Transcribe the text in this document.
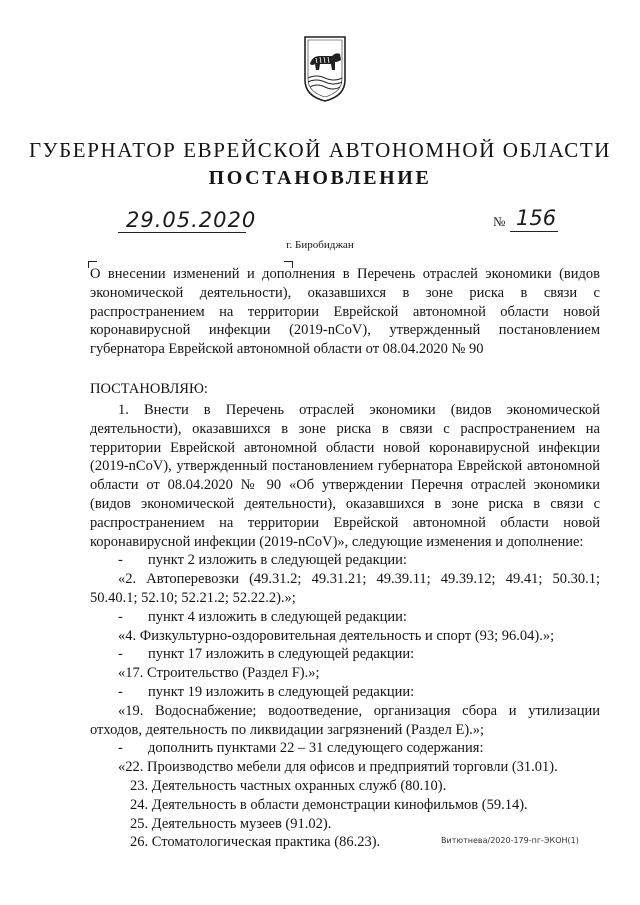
ГУБЕРНАТОР ЕВРЕЙСКОЙ АВТОНОМНОЙ ОБЛАСТИ
ПОСТАНОВЛЕНИЕ
29.05.2020	№ 156
г. Биробиджан
О внесении изменений и дополнения в Перечень отраслей экономики (видов экономической деятельности), оказавшихся в зоне риска в связи с распространением на территории Еврейской автономной области новой коронавирусной инфекции (2019-nCoV), утвержденный постановлением губернатора Еврейской автономной области от 08.04.2020 № 90
ПОСТАНОВЛЯЮ:

1. Внести в Перечень отраслей экономики (видов экономической деятельности), оказавшихся в зоне риска в связи с распространением на территории Еврейской автономной области новой коронавирусной инфекции (2019-nCoV), утвержденный постановлением губернатора Еврейской автономной области от 08.04.2020 № 90 «Об утверждении Перечня отраслей экономики (видов экономической деятельности), оказавшихся в зоне риска в связи с распространением на территории Еврейской автономной области новой коронавирусной инфекции (2019-nCoV)», следующие изменения и дополнение:

- пункт 2 изложить в следующей редакции:

«2. Автоперевозки (49.31.2; 49.31.21; 49.39.11; 49.39.12; 49.41; 50.30.1; 50.40.1; 52.10; 52.21.2; 52.22.2).»;

- пункт 4 изложить в следующей редакции:

«4. Физкультурно-оздоровительная деятельность и спорт (93; 96.04).»;

- пункт 17 изложить в следующей редакции:

«17. Строительство (Раздел F).»;

- пункт 19 изложить в следующей редакции:

«19. Водоснабжение; водоотведение, организация сбора и утилизации отходов, деятельность по ликвидации загрязнений (Раздел Е).»;

- дополнить пунктами 22 – 31 следующего содержания:

«22. Производство мебели для офисов и предприятий торговли (31.01).

23. Деятельность частных охранных служб (80.10).

24. Деятельность в области демонстрации кинофильмов (59.14).

25. Деятельность музеев (91.02).

26. Стоматологическая практика (86.23).	Витютнева/2020-179-пг-ЭКОН(1)
